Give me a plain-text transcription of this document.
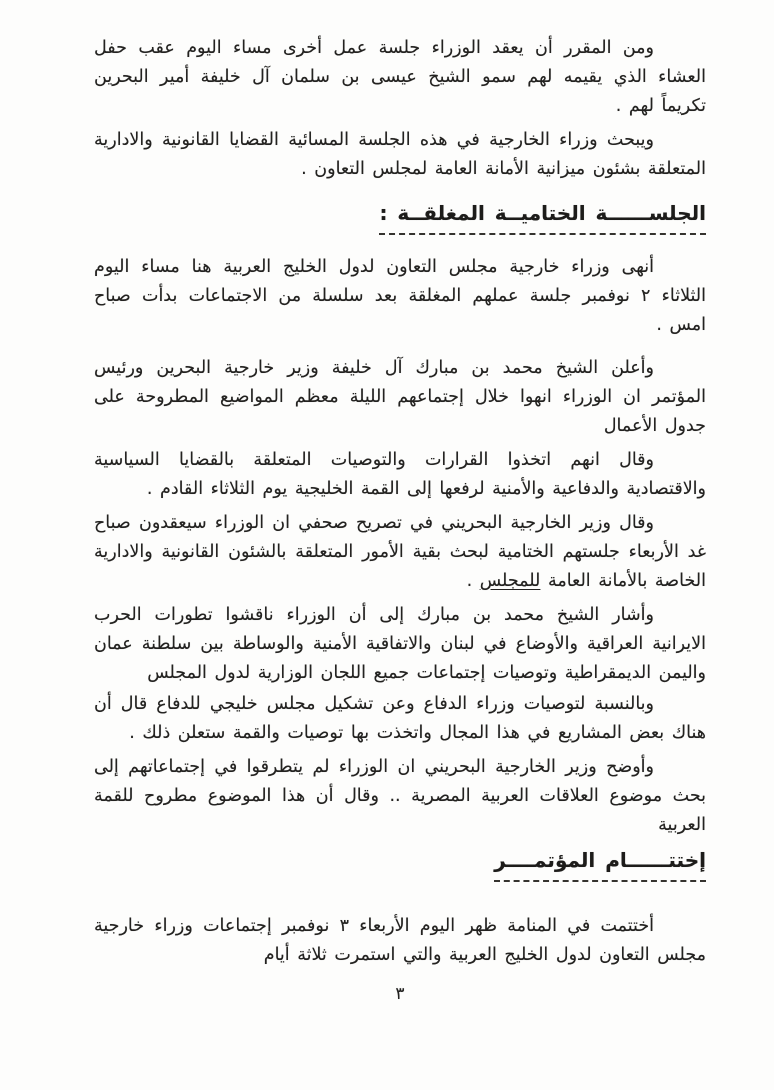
ومن المقرر أن يعقد الوزراء جلسة عمل أخرى مساء اليوم عقب حفل العشاء الذي يقيمه لهم سمو الشيخ عيسى بن سلمان آل خليفة أمير البحرين تكريماً لهم .

ويبحث وزراء الخارجية في هذه الجلسة المسائية القضايا القانونية والادارية المتعلقة بشئون ميزانية الأمانة العامة لمجلس التعاون .

الجلســــــة الختاميــة المغلقــة :

أنهى وزراء خارجية مجلس التعاون لدول الخليج العربية هنا مساء اليوم الثلاثاء ٢ نوفمبر جلسة عملهم المغلقة بعد سلسلة من الاجتماعات بدأت صباح امس .

وأعلن الشيخ محمد بن مبارك آل خليفة وزير خارجية البحرين ورئيس المؤتمر ان الوزراء انهوا خلال إجتماعهم الليلة معظم المواضيع المطروحة على جدول الأعمال

وقال انهم اتخذوا القرارات والتوصيات المتعلقة بالقضايا السياسية والاقتصادية والدفاعية والأمنية لرفعها إلى القمة الخليجية يوم الثلاثاء القادم .

وقال وزير الخارجية البحريني في تصريح صحفي ان الوزراء سيعقدون صباح غد الأربعاء جلستهم الختامية لبحث بقية الأمور المتعلقة بالشئون القانونية والادارية الخاصة بالأمانة العامة للمجلس .

وأشار الشيخ محمد بن مبارك إلى أن الوزراء ناقشوا تطورات الحرب الايرانية العراقية والأوضاع في لبنان والاتفاقية الأمنية والوساطة بين سلطنة عمان واليمن الديمقراطية وتوصيات إجتماعات جميع اللجان الوزارية لدول المجلس

وبالنسبة لتوصيات وزراء الدفاع وعن تشكيل مجلس خليجي للدفاع قال أن هناك بعض المشاريع في هذا المجال واتخذت بها توصيات والقمة ستعلن ذلك .

وأوضح وزير الخارجية البحريني ان الوزراء لم يتطرقوا في إجتماعاتهم إلى بحث موضوع العلاقات العربية المصرية .. وقال أن هذا الموضوع مطروح للقمة العربية

إختتــــــام المؤتمــــر

أختتمت في المنامة ظهر اليوم الأربعاء ٣ نوفمبر إجتماعات وزراء خارجية مجلس التعاون لدول الخليج العربية والتي استمرت ثلاثة أيام

٣
